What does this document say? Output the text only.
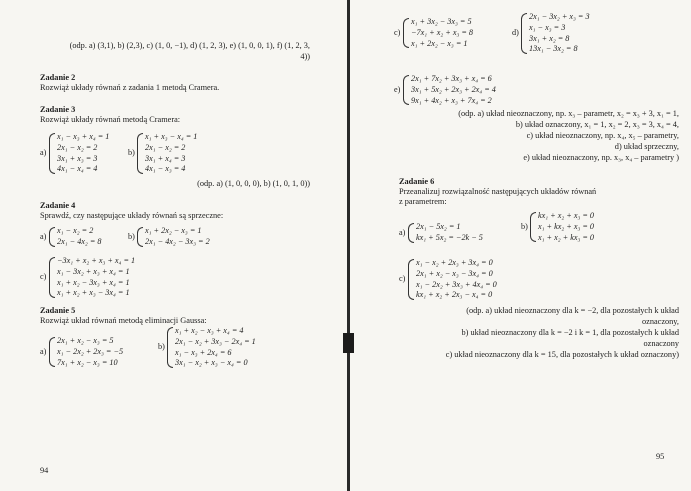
(odp. a) (3,1), b) (2,3), c) (1, 0, −1), d) (1, 2, 3), e) (1, 0, 0, 1), f) (1, 2, 3,
4))
Zadanie 2
Rozwiąż układy równań z zadania 1 metodą Cramera.
Zadanie 3
Rozwiąż układy równań metodą Cramera:
a)
x₁ − x₃ + x₄ = 1
2x₁ − x₂ = 2
3x₁ + x₃ = 3
4x₁ − x₄ = 4
b)
x₁ + x₃ − x₄ = 1
2x₁ − x₂ = 2
3x₁ + x₄ = 3
4x₁ − x₃ = 4
(odp. a) (1, 0, 0, 0), b) (1, 0, 1, 0))
Zadanie 4
Sprawdź, czy następujące układy równań są sprzeczne:
a)
x₁ − x₂ = 2
2x₁ − 4x₂ = 8
b)
x₁ + 2x₂ − x₃ = 1
2x₁ − 4x₂ − 3x₃ = 2
c)
−3x₁ + x₂ + x₃ + x₄ = 1
x₁ − 3x₂ + x₃ + x₄ = 1
x₁ + x₂ − 3x₃ + x₄ = 1
x₁ + x₂ + x₃ − 3x₄ = 1
Zadanie 5
Rozwiąż układ równań metodą eliminacji Gaussa:
a)
2x₁ + x₂ − x₃ = 5
x₁ − 2x₂ + 2x₃ = −5
7x₁ + x₂ − x₃ = 10
b)
x₁ + x₂ − x₃ + x₄ = 4
2x₁ − x₂ + 3x₃ − 2x₄ = 1
x₁ − x₃ + 2x₄ = 6
3x₁ − x₂ + x₃ − x₄ = 0
94
c)
x₁ + 3x₂ − 3x₃ = 5
−7x₁ + x₂ + x₃ = 8
x₁ + 2x₂ − x₃ = 1
d)
2x₁ − 3x₂ + x₃ = 3
x₁ − x₃ = 3
3x₁ + x₂ = 8
13x₁ − 3x₂ = 8
e)
2x₁ + 7x₂ + 3x₃ + x₄ = 6
3x₁ + 5x₂ + 2x₃ + 2x₄ = 4
9x₁ + 4x₂ + x₃ + 7x₄ = 2
(odp. a) układ nieoznaczony, np. x₃ – parametr, x₂ = x₃ + 3, x₁ = 1,
b) układ oznaczony, x₁ = 1, x₂ = 2, x₃ = 3, x₄ = 4,
c) układ nieoznaczony, np. x₄, x₅ – parametry,
d) układ sprzeczny,
e) układ nieoznaczony, np. x₃, x₄ – parametry )
Zadanie 6
Przeanalizuj rozwiązalność następujących układów równań
z parametrem:
a)
2x₁ − 5x₂ = 1
kx₁ + 5x₂ = −2k − 5
b)
kx₁ + x₂ + x₃ = 0
x₁ + kx₂ + x₃ = 0
x₁ + x₂ + kx₃ = 0
c)
x₁ − x₂ + 2x₃ + 3x₄ = 0
2x₁ + x₂ − x₃ − 3x₄ = 0
x₁ − 2x₂ + 3x₃ + 4x₄ = 0
kx₁ + x₂ + 2x₃ − x₄ = 0
(odp. a) układ nieoznaczony dla k = −2, dla pozostałych k układ
oznaczony,
b) układ nieoznaczony dla k = −2 i k = 1, dla pozostałych k układ
oznaczony
c) układ nieoznaczony dla k = 15, dla pozostałych k układ oznaczony)
95
